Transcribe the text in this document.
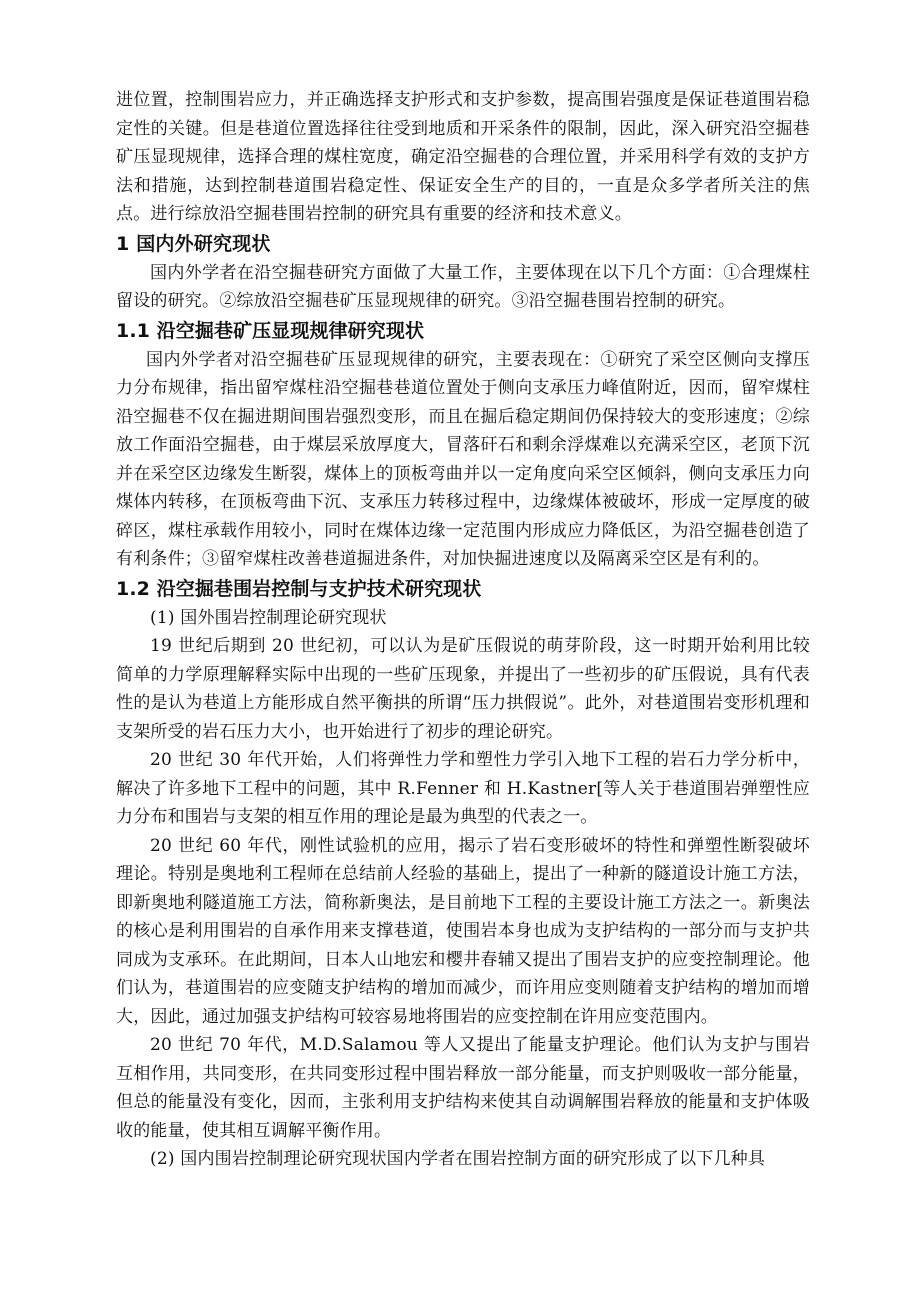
进位置，控制围岩应力，并正确选择支护形式和支护参数，提高围岩强度是保证巷道围岩稳定性的关键。但是巷道位置选择往往受到地质和开采条件的限制，因此，深入研究沿空掘巷矿压显现规律，选择合理的煤柱宽度，确定沿空掘巷的合理位置，并采用科学有效的支护方法和措施，达到控制巷道围岩稳定性、保证安全生产的目的，一直是众多学者所关注的焦点。进行综放沿空掘巷围岩控制的研究具有重要的经济和技术意义。

1 国内外研究现状

国内外学者在沿空掘巷研究方面做了大量工作，主要体现在以下几个方面：①合理煤柱留设的研究。②综放沿空掘巷矿压显现规律的研究。③沿空掘巷围岩控制的研究。

1.1 沿空掘巷矿压显现规律研究现状

国内外学者对沿空掘巷矿压显现规律的研究，主要表现在：①研究了采空区侧向支撑压力分布规律，指出留窄煤柱沿空掘巷巷道位置处于侧向支承压力峰值附近，因而，留窄煤柱沿空掘巷不仅在掘进期间围岩强烈变形，而且在掘后稳定期间仍保持较大的变形速度；②综放工作面沿空掘巷，由于煤层采放厚度大，冒落矸石和剩余浮煤难以充满采空区，老顶下沉并在采空区边缘发生断裂，煤体上的顶板弯曲并以一定角度向采空区倾斜，侧向支承压力向煤体内转移，在顶板弯曲下沉、支承压力转移过程中，边缘煤体被破坏，形成一定厚度的破碎区，煤柱承载作用较小，同时在煤体边缘一定范围内形成应力降低区，为沿空掘巷创造了有利条件；③留窄煤柱改善巷道掘进条件，对加快掘进速度以及隔离采空区是有利的。

1.2 沿空掘巷围岩控制与支护技术研究现状

(1) 国外围岩控制理论研究现状

19 世纪后期到 20 世纪初，可以认为是矿压假说的萌芽阶段，这一时期开始利用比较简单的力学原理解释实际中出现的一些矿压现象，并提出了一些初步的矿压假说，具有代表性的是认为巷道上方能形成自然平衡拱的所谓“压力拱假说”。此外，对巷道围岩变形机理和支架所受的岩石压力大小，也开始进行了初步的理论研究。

20 世纪 30 年代开始，人们将弹性力学和塑性力学引入地下工程的岩石力学分析中，解决了许多地下工程中的问题，其中 R.Fenner 和 H.Kastner[等人关于巷道围岩弹塑性应力分布和围岩与支架的相互作用的理论是最为典型的代表之一。

20 世纪 60 年代，刚性试验机的应用，揭示了岩石变形破坏的特性和弹塑性断裂破坏理论。特别是奥地利工程师在总结前人经验的基础上，提出了一种新的隧道设计施工方法，即新奥地利隧道施工方法，简称新奥法，是目前地下工程的主要设计施工方法之一。新奥法的核心是利用围岩的自承作用来支撑巷道，使围岩本身也成为支护结构的一部分而与支护共同成为支承环。在此期间，日本人山地宏和樱井春辅又提出了围岩支护的应变控制理论。他们认为，巷道围岩的应变随支护结构的增加而减少，而许用应变则随着支护结构的增加而增大，因此，通过加强支护结构可较容易地将围岩的应变控制在许用应变范围内。

20 世纪 70 年代，M.D.Salamou 等人又提出了能量支护理论。他们认为支护与围岩互相作用，共同变形，在共同变形过程中围岩释放一部分能量，而支护则吸收一部分能量，但总的能量没有变化，因而，主张利用支护结构来使其自动调解围岩释放的能量和支护体吸收的能量，使其相互调解平衡作用。

(2) 国内围岩控制理论研究现状国内学者在围岩控制方面的研究形成了以下几种具
